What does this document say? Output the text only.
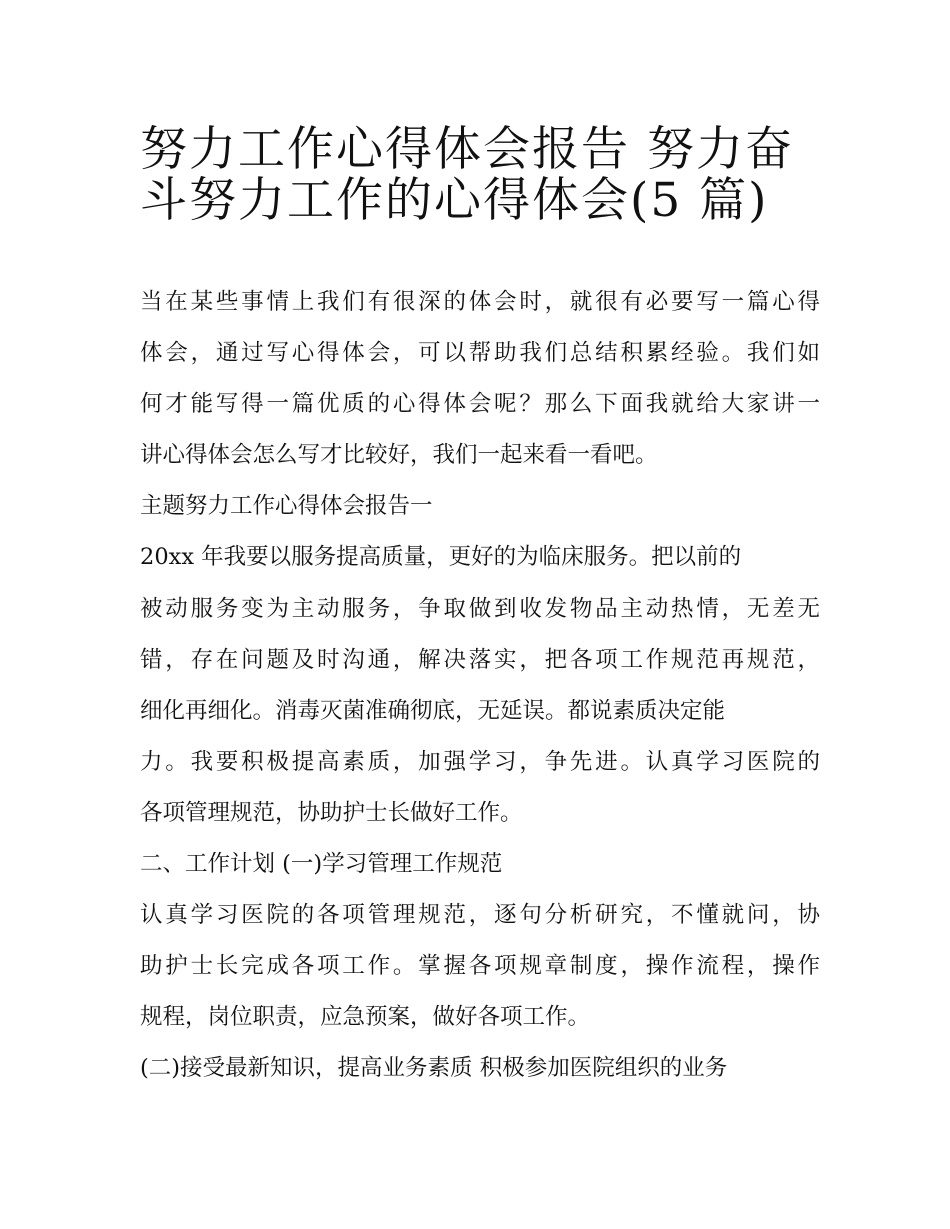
努力工作心得体会报告 努力奋
斗努力工作的心得体会(5 篇)
当在某些事情上我们有很深的体会时，就很有必要写一篇心得
体会，通过写心得体会，可以帮助我们总结积累经验。我们如
何才能写得一篇优质的心得体会呢？那么下面我就给大家讲一
讲心得体会怎么写才比较好，我们一起来看一看吧。
主题努力工作心得体会报告一
20xx 年我要以服务提高质量，更好的为临床服务。把以前的
被动服务变为主动服务，争取做到收发物品主动热情，无差无
错，存在问题及时沟通，解决落实，把各项工作规范再规范，
细化再细化。消毒灭菌准确彻底，无延误。都说素质决定能
力。我要积极提高素质，加强学习，争先进。认真学习医院的
各项管理规范，协助护士长做好工作。
二、工作计划 (一)学习管理工作规范
认真学习医院的各项管理规范，逐句分析研究，不懂就问，协
助护士长完成各项工作。掌握各项规章制度，操作流程，操作
规程，岗位职责，应急预案，做好各项工作。
(二)接受最新知识，提高业务素质 积极参加医院组织的业务
